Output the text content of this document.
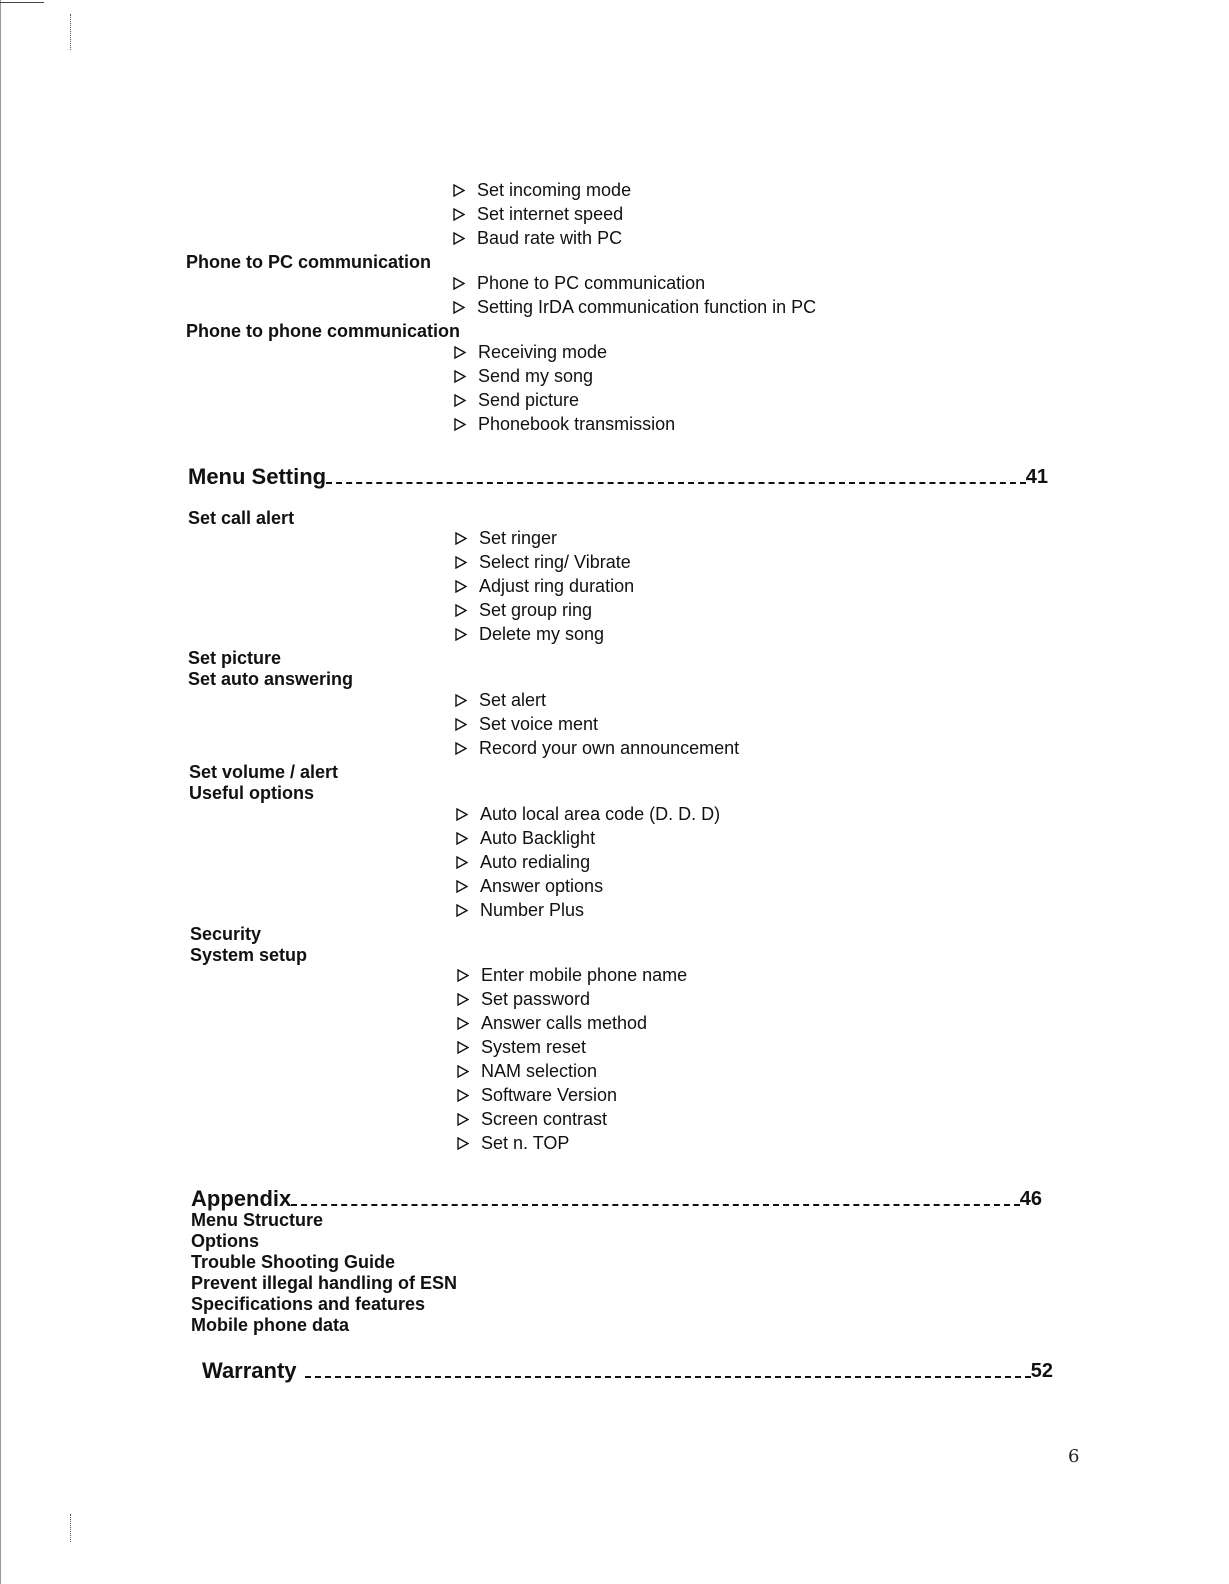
Set incoming mode
Set internet speed
Baud rate with PC
Phone to PC communication
Phone to PC communication
Setting IrDA communication function in PC
Phone to phone communication
Receiving mode
Send my song
Send picture
Phonebook transmission
Menu Setting	41
Set call alert
Set ringer
Select ring/ Vibrate
Adjust ring duration
Set group ring
Delete my song
Set picture
Set auto answering
Set alert
Set voice ment
Record your own announcement
Set volume / alert
Useful options
Auto local area code (D. D. D)
Auto Backlight
Auto redialing
Answer options
Number Plus
Security
System setup
Enter mobile phone name
Set password
Answer calls method
System reset
NAM selection
Software Version
Screen contrast
Set n. TOP
Appendix	46
Menu Structure
Options
Trouble Shooting Guide
Prevent illegal handling of ESN
Specifications and features
Mobile phone data
Warranty	52
6
